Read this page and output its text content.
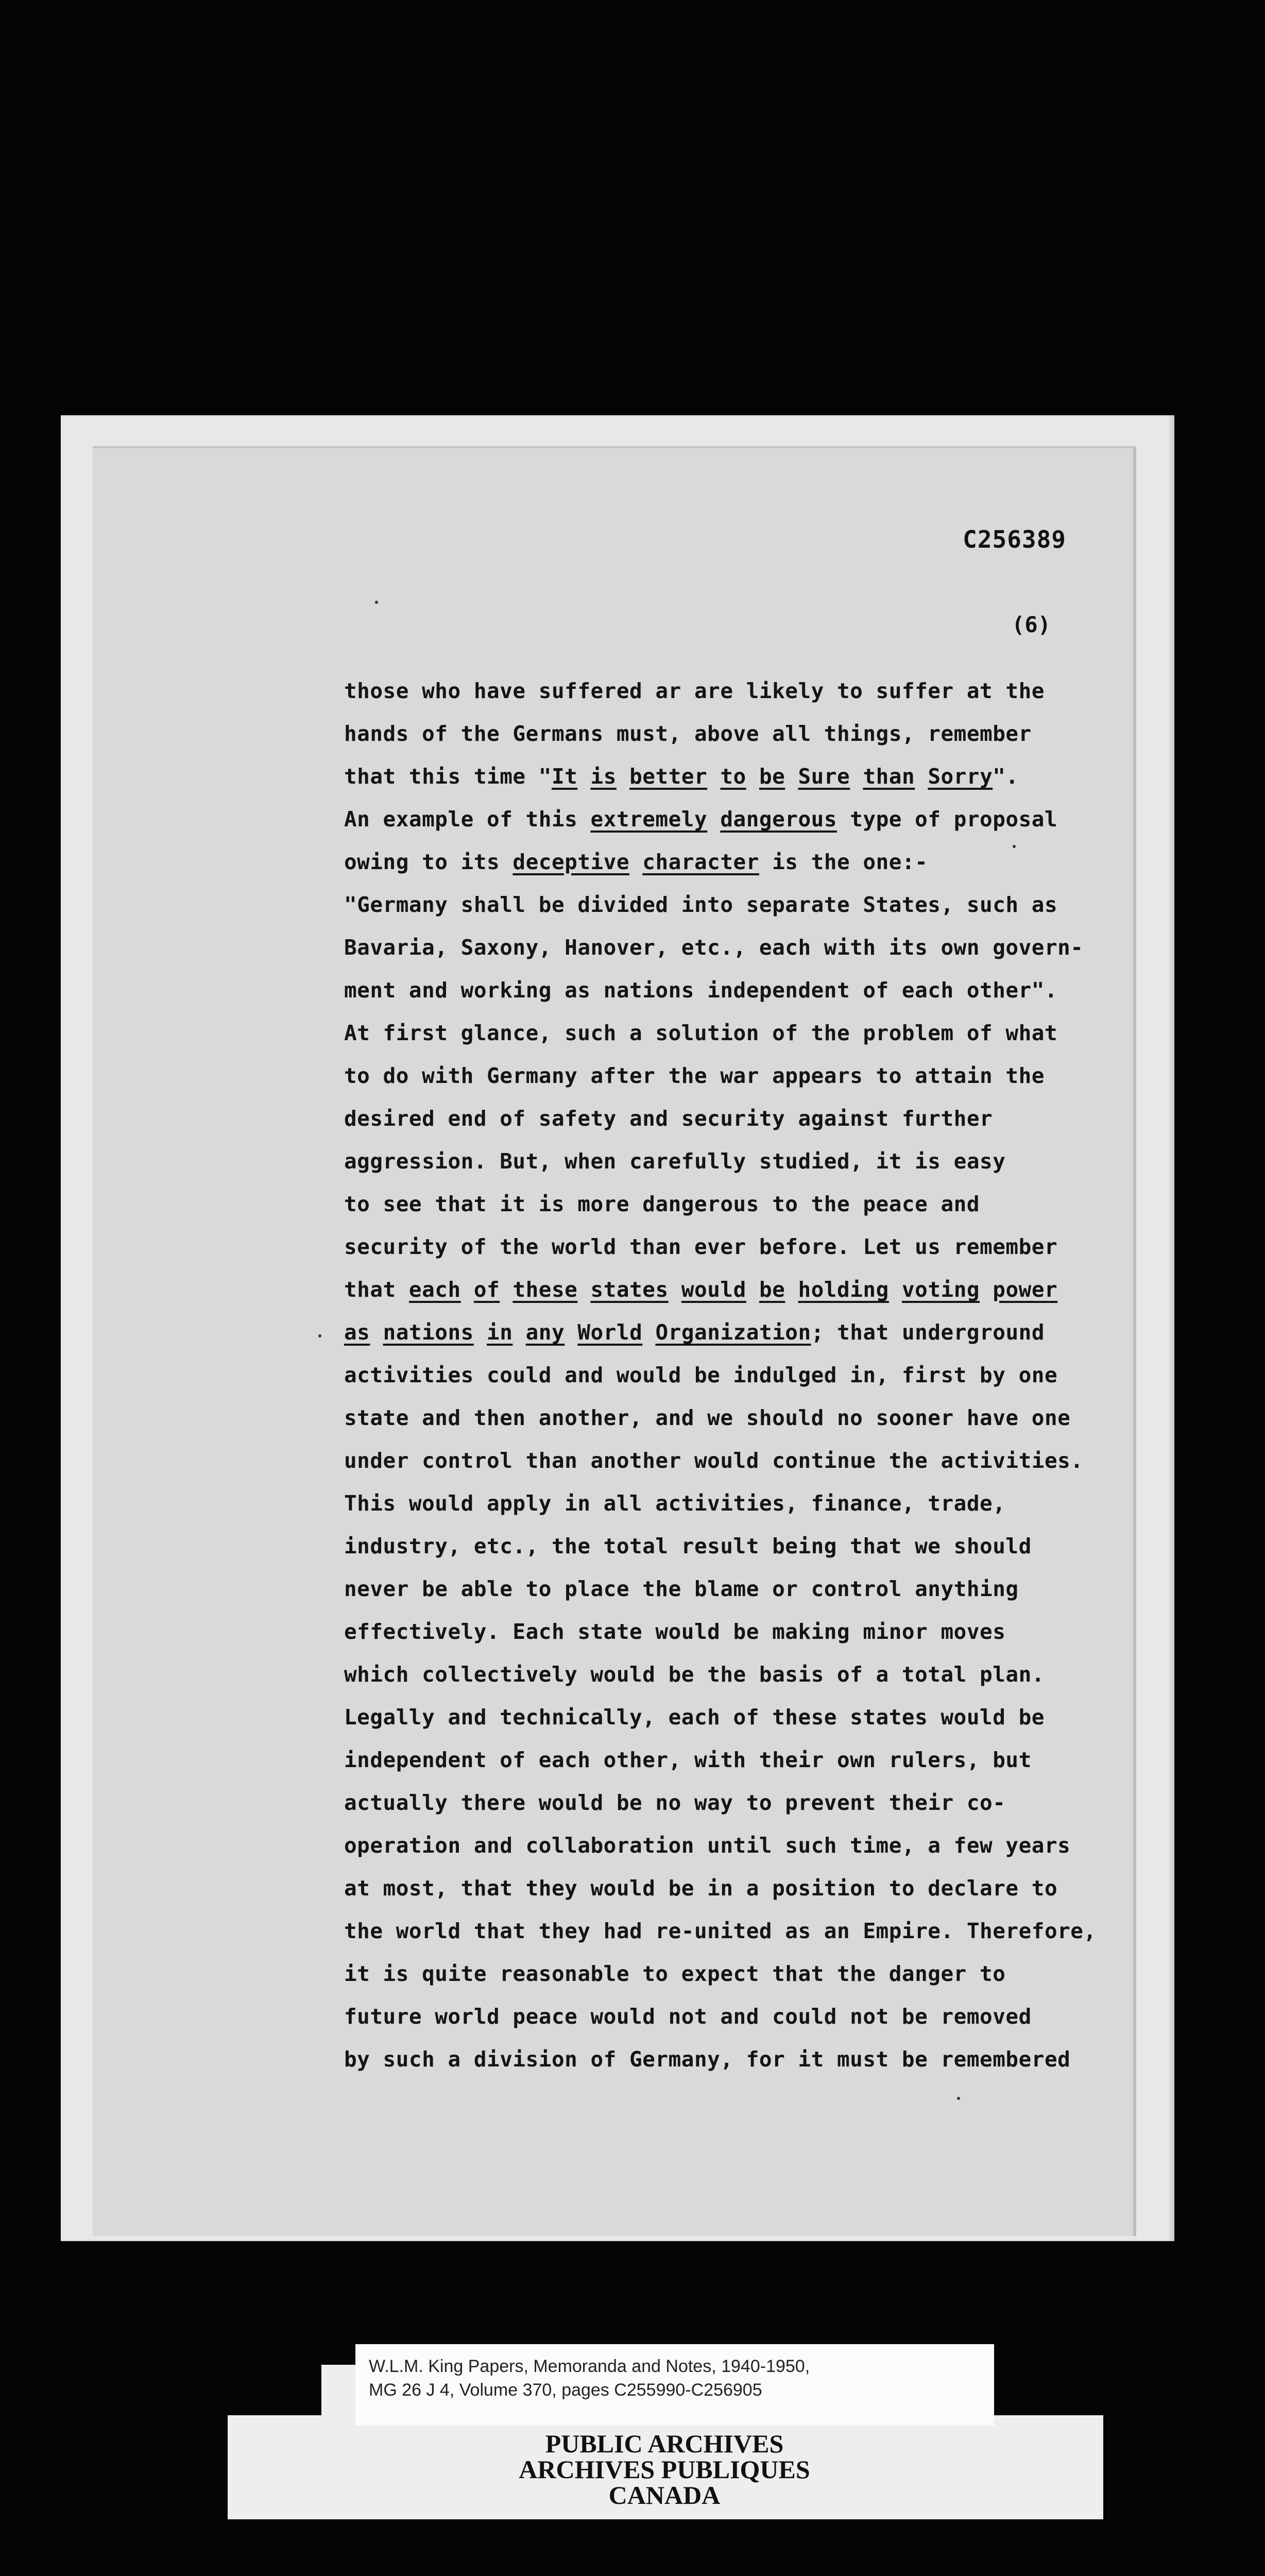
C256389
(6)
those who have suffered ar are likely to suffer at the
hands of the Germans must, above all things, remember
that this time "It is better to be Sure than Sorry".
An example of this extremely dangerous type of proposal
owing to its deceptive character is the one:-
"Germany shall be divided into separate States, such as
Bavaria, Saxony, Hanover, etc., each with its own govern-
ment and working as nations independent of each other".
At first glance, such a solution of the problem of what
to do with Germany after the war appears to attain the
desired end of safety and security against further
aggression. But, when carefully studied, it is easy
to see that it is more dangerous to the peace and
security of the world than ever before. Let us remember
that each of these states would be holding voting power
as nations in any World Organization; that underground
activities could and would be indulged in, first by one
state and then another, and we should no sooner have one
under control than another would continue the activities.
This would apply in all activities, finance, trade,
industry, etc., the total result being that we should
never be able to place the blame or control anything
effectively. Each state would be making minor moves
which collectively would be the basis of a total plan.
Legally and technically, each of these states would be
independent of each other, with their own rulers, but
actually there would be no way to prevent their co-
operation and collaboration until such time, a few years
at most, that they would be in a position to declare to
the world that they had re-united as an Empire. Therefore,
it is quite reasonable to expect that the danger to
future world peace would not and could not be removed
by such a division of Germany, for it must be remembered
W.L.M. King Papers, Memoranda and Notes, 1940-1950,
MG 26 J 4, Volume 370, pages C255990-C256905
PUBLIC ARCHIVES
ARCHIVES PUBLIQUES
CANADA
